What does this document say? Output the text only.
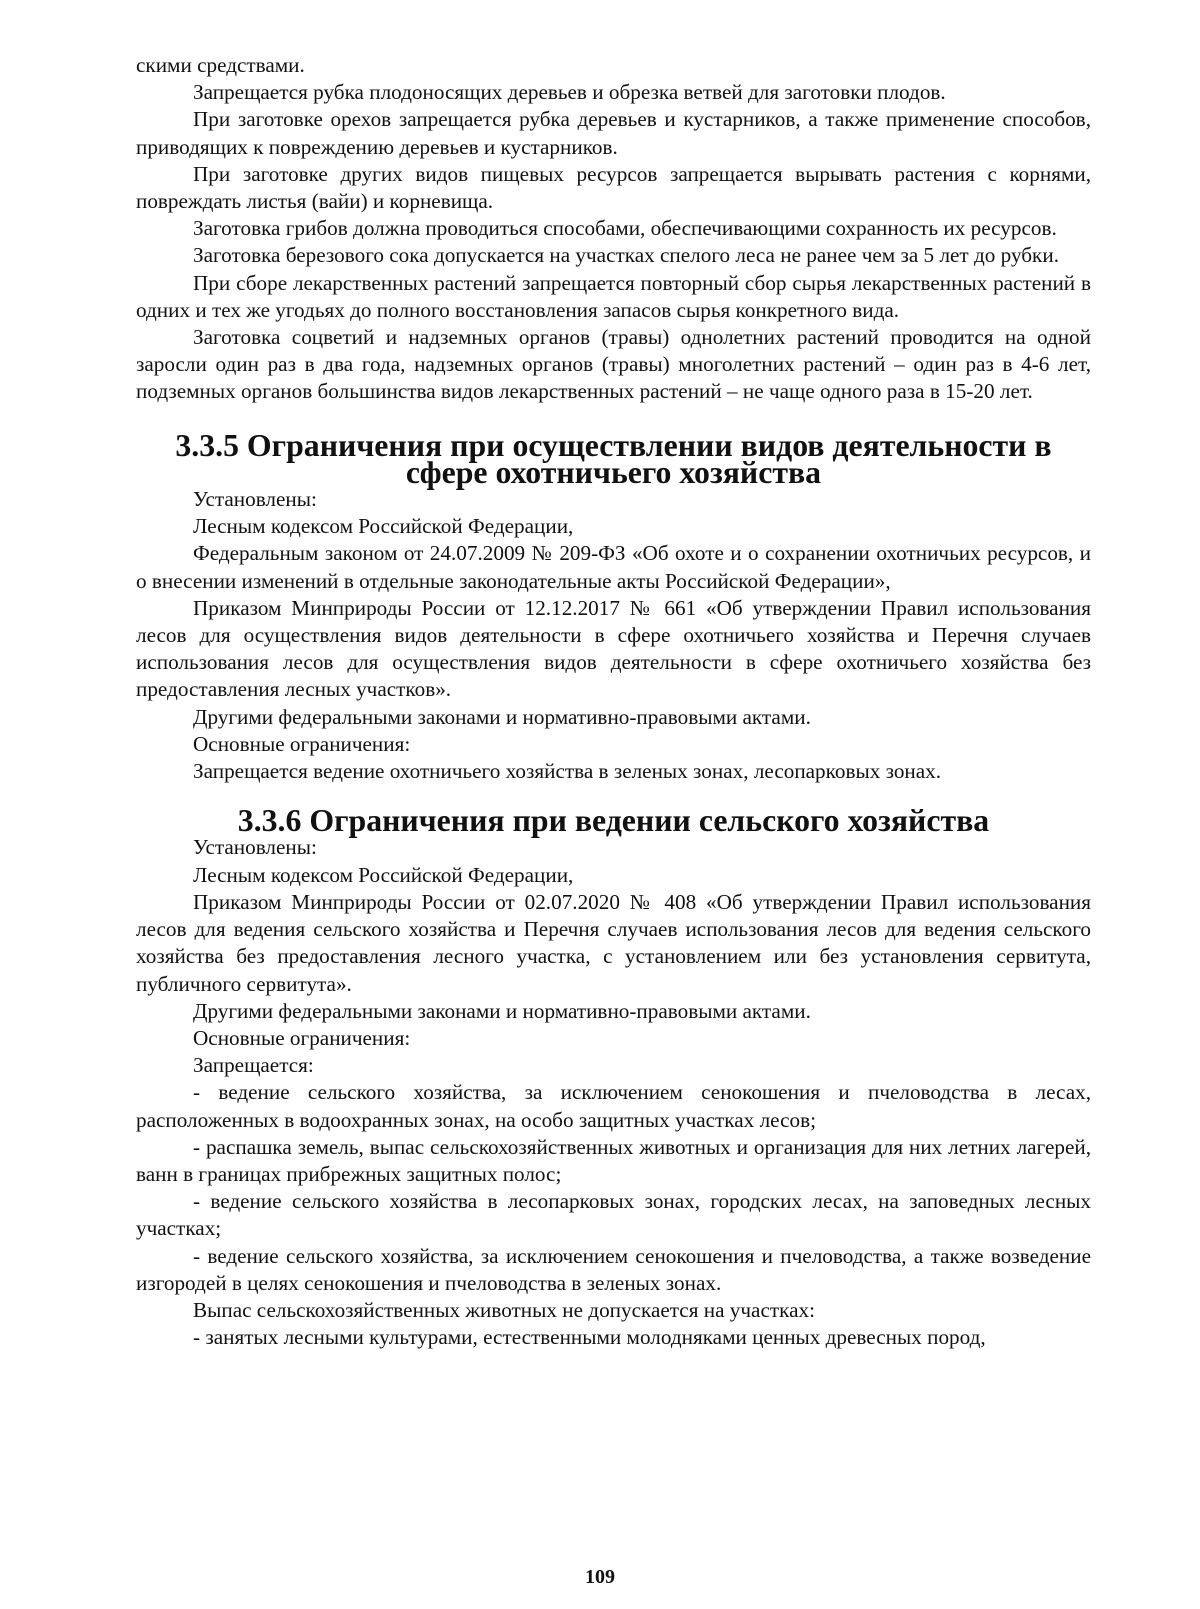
скими средствами.

Запрещается рубка плодоносящих деревьев и обрезка ветвей для заготовки плодов.

При заготовке орехов запрещается рубка деревьев и кустарников, а также применение способов, приводящих к повреждению деревьев и кустарников.

При заготовке других видов пищевых ресурсов запрещается вырывать растения с корнями, повреждать листья (вайи) и корневища.

Заготовка грибов должна проводиться способами, обеспечивающими сохранность их ресурсов.

Заготовка березового сока допускается на участках спелого леса не ранее чем за 5 лет до рубки.

При сборе лекарственных растений запрещается повторный сбор сырья лекарственных растений в одних и тех же угодьях до полного восстановления запасов сырья конкретного вида.

Заготовка соцветий и надземных органов (травы) однолетних растений проводится на одной заросли один раз в два года, надземных органов (травы) многолетних растений – один раз в 4-6 лет, подземных органов большинства видов лекарственных растений – не чаще одного раза в 15-20 лет.

3.3.5 Ограничения при осуществлении видов деятельности в сфере охотничьего хозяйства

Установлены:

Лесным кодексом Российской Федерации,

Федеральным законом от 24.07.2009 № 209-ФЗ «Об охоте и о сохранении охотничьих ресурсов, и о внесении изменений в отдельные законодательные акты Российской Федерации»,

Приказом Минприроды России от 12.12.2017 № 661 «Об утверждении Правил использования лесов для осуществления видов деятельности в сфере охотничьего хозяйства и Перечня случаев использования лесов для осуществления видов деятельности в сфере охотничьего хозяйства без предоставления лесных участков».

Другими федеральными законами и нормативно-правовыми актами.

Основные ограничения:

Запрещается ведение охотничьего хозяйства в зеленых зонах, лесопарковых зонах.

3.3.6 Ограничения при ведении сельского хозяйства

Установлены:

Лесным кодексом Российской Федерации,

Приказом Минприроды России от 02.07.2020 № 408 «Об утверждении Правил использования лесов для ведения сельского хозяйства и Перечня случаев использования лесов для ведения сельского хозяйства без предоставления лесного участка, с установлением или без установления сервитута, публичного сервитута».

Другими федеральными законами и нормативно-правовыми актами.

Основные ограничения:

Запрещается:

- ведение сельского хозяйства, за исключением сенокошения и пчеловодства в лесах, расположенных в водоохранных зонах, на особо защитных участках лесов;

- распашка земель, выпас сельскохозяйственных животных и организация для них летних лагерей, ванн в границах прибрежных защитных полос;

- ведение сельского хозяйства в лесопарковых зонах, городских лесах, на заповедных лесных участках;

- ведение сельского хозяйства, за исключением сенокошения и пчеловодства, а также возведение изгородей в целях сенокошения и пчеловодства в зеленых зонах.

Выпас сельскохозяйственных животных не допускается на участках:

- занятых лесными культурами, естественными молодняками ценных древесных пород,

109
